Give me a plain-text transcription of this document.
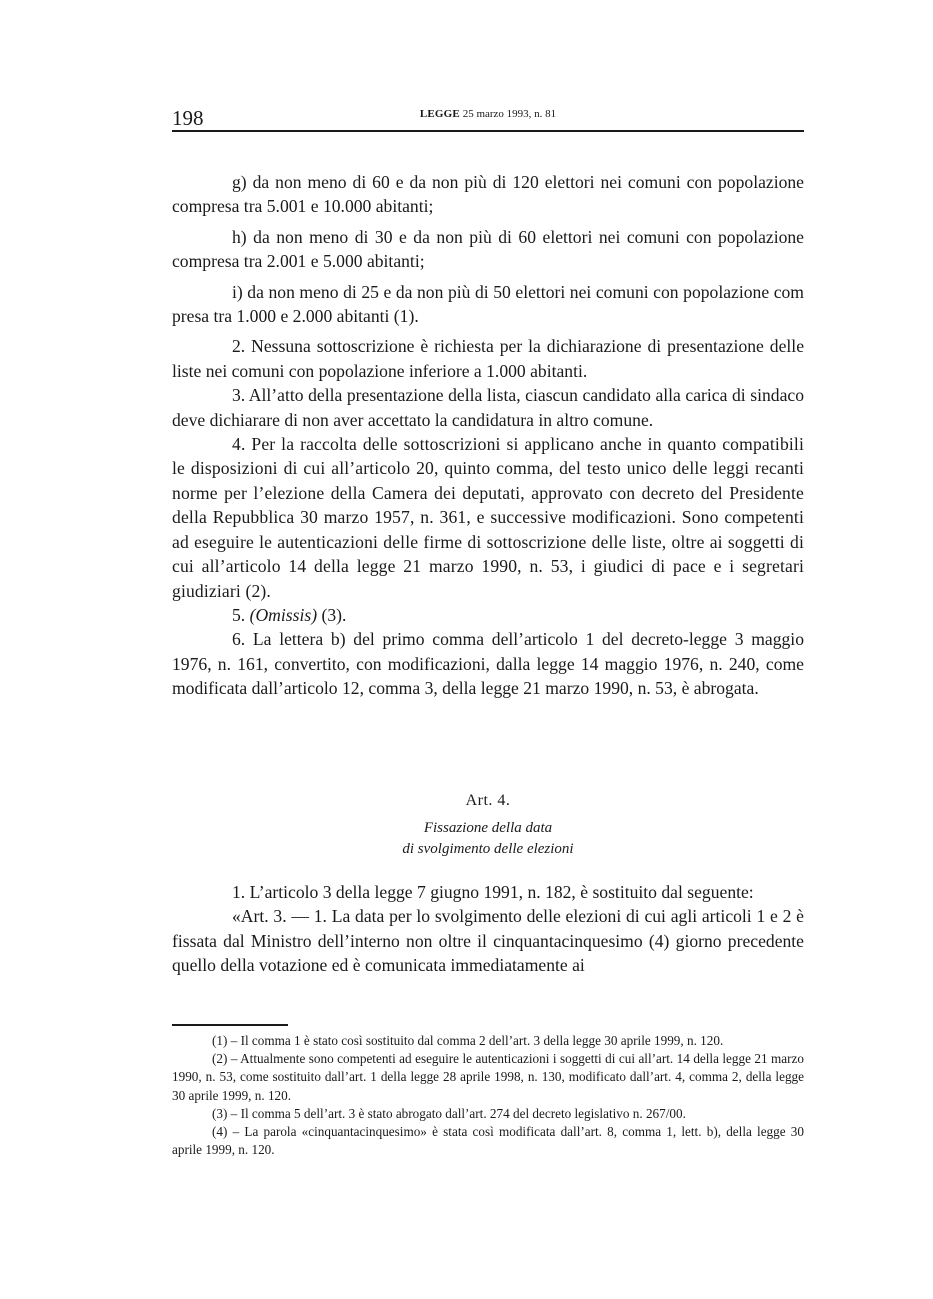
198	LEGGE 25 marzo 1993, n. 81

g) da non meno di 60 e da non più di 120 elettori nei comuni con popolazione compresa tra 5.001 e 10.000 abitanti;

h) da non meno di 30 e da non più di 60 elettori nei comuni con popolazione compresa tra 2.001 e 5.000 abitanti;

i) da non meno di 25 e da non più di 50 elettori nei comuni con popolazione com presa tra 1.000 e 2.000 abitanti (1).

2. Nessuna sottoscrizione è richiesta per la dichiarazione di presentazione delle liste nei comuni con popolazione inferiore a 1.000 abitanti.

3. All’atto della presentazione della lista, ciascun candidato alla carica di sindaco deve dichiarare di non aver accettato la candidatura in altro comune.

4. Per la raccolta delle sottoscrizioni si applicano anche in quanto compatibili le disposizioni di cui all’articolo 20, quinto comma, del testo unico delle leggi recanti norme per l’elezione della Camera dei deputati, approvato con decreto del Presidente della Repubblica 30 marzo 1957, n. 361, e successive modificazioni. Sono competenti ad eseguire le autenticazioni delle firme di sottoscrizione delle liste, oltre ai soggetti di cui all’articolo 14 della legge 21 marzo 1990, n. 53, i giudici di pace e i segretari giudiziari (2).

5. (Omissis) (3).

6. La lettera b) del primo comma dell’articolo 1 del decreto-legge 3 maggio 1976, n. 161, convertito, con modificazioni, dalla legge 14 maggio 1976, n. 240, come modificata dall’articolo 12, comma 3, della legge 21 marzo 1990, n. 53, è abrogata.

Art. 4.
Fissazione della data
di svolgimento delle elezioni

1. L’articolo 3 della legge 7 giugno 1991, n. 182, è sostituito dal seguente:

«Art. 3. — 1. La data per lo svolgimento delle elezioni di cui agli articoli 1 e 2 è fissata dal Ministro dell’interno non oltre il cinquantacinquesimo (4) giorno precedente quello della votazione ed è comunicata immediatamente ai

(1) – Il comma 1 è stato così sostituito dal comma 2 dell’art. 3 della legge 30 aprile 1999, n. 120.

(2) – Attualmente sono competenti ad eseguire le autenticazioni i soggetti di cui all’art. 14 della legge 21 marzo 1990, n. 53, come sostituito dall’art. 1 della legge 28 aprile 1998, n. 130, modificato dall’art. 4, comma 2, della legge 30 aprile 1999, n. 120.

(3) – Il comma 5 dell’art. 3 è stato abrogato dall’art. 274 del decreto legislativo n. 267/00.

(4) – La parola «cinquantacinquesimo» è stata così modificata dall’art. 8, comma 1, lett. b), della legge 30 aprile 1999, n. 120.
